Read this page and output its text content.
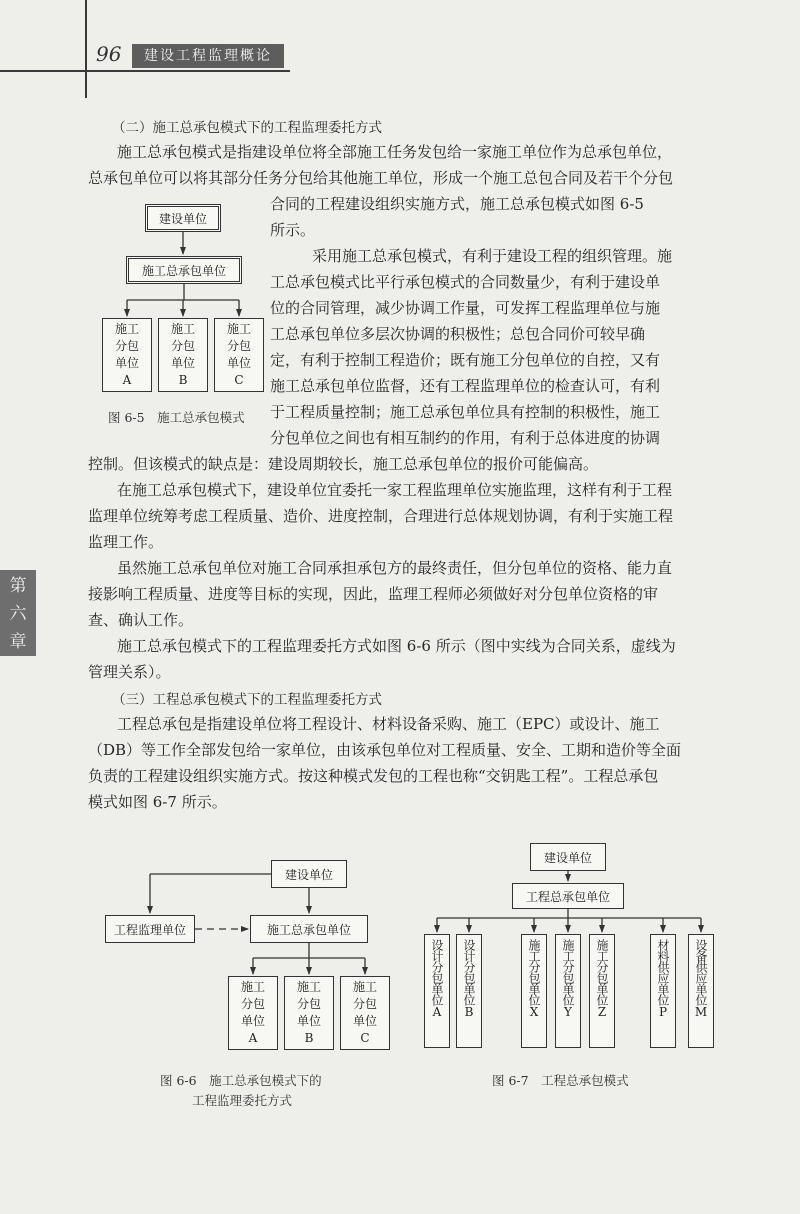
96	建设工程监理概论
第
六
章
（二）施工总承包模式下的工程监理委托方式
施工总承包模式是指建设单位将全部施工任务发包给一家施工单位作为总承包单位，
总承包单位可以将其部分任务分包给其他施工单位，形成一个施工总包合同及若干个分包
合同的工程建设组织实施方式，施工总承包模式如图 6-5
所示。
采用施工总承包模式，有利于建设工程的组织管理。施
工总承包模式比平行承包模式的合同数量少，有利于建设单
位的合同管理，减少协调工作量，可发挥工程监理单位与施
工总承包单位多层次协调的积极性；总包合同价可较早确
定，有利于控制工程造价；既有施工分包单位的自控，又有
施工总承包单位监督，还有工程监理单位的检查认可，有利
于工程质量控制；施工总承包单位具有控制的积极性，施工
分包单位之间也有相互制约的作用，有利于总体进度的协调
控制。但该模式的缺点是：建设周期较长，施工总承包单位的报价可能偏高。
建设单位
施工总承包单位
施工
分包
单位
A
施工
分包
单位
B
施工
分包
单位
C
图 6-5　施工总承包模式
在施工总承包模式下，建设单位宜委托一家工程监理单位实施监理，这样有利于工程
监理单位统筹考虑工程质量、造价、进度控制，合理进行总体规划协调，有利于实施工程
监理工作。
虽然施工总承包单位对施工合同承担承包方的最终责任，但分包单位的资格、能力直
接影响工程质量、进度等目标的实现，因此，监理工程师必须做好对分包单位资格的审
查、确认工作。
施工总承包模式下的工程监理委托方式如图 6-6 所示（图中实线为合同关系，虚线为
管理关系）。
（三）工程总承包模式下的工程监理委托方式
工程总承包是指建设单位将工程设计、材料设备采购、施工（EPC）或设计、施工
（DB）等工作全部发包给一家单位，由该承包单位对工程质量、安全、工期和造价等全面
负责的工程建设组织实施方式。按这种模式发包的工程也称“交钥匙工程”。工程总承包
模式如图 6-7 所示。
建设单位
工程监理单位	施工总承包单位
施工
分包
单位
A
施工
分包
单位
B
施工
分包
单位
C
图 6-6　施工总承包模式下的
工程监理委托方式
建设单位
工程总承包单位
设计分包单位A 设计分包单位B	施工分包单位X 施工分包单位Y 施工分包单位Z	材料供应单位P 设备供应单位M
图 6-7　工程总承包模式
